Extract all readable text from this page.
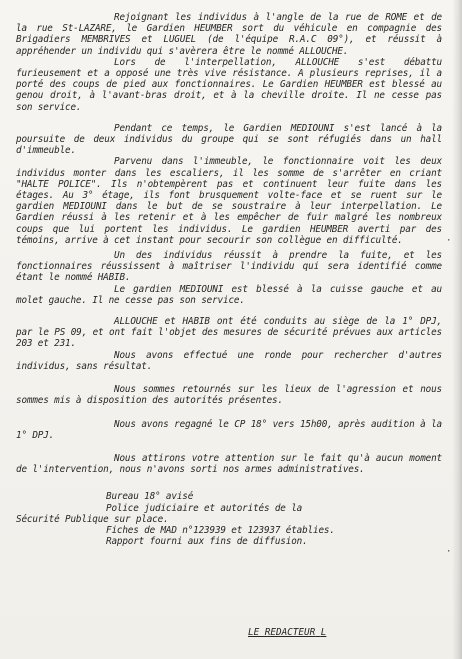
Rejoignant les individus à l'angle de la rue de ROME et de la rue St-LAZARE, le Gardien HEUMBER sort du véhicule en compagnie des Brigadiers MEMBRIVES et LUGUEL (de l'équipe R.A.C 09°), et réussit à appréhender un individu qui s'avèrera être le nommé ALLOUCHE.

Lors de l'interpellation, ALLOUCHE s'est débattu furieusement et a opposé une très vive résistance. A plusieurs reprises, il a porté des coups de pied aux fonctionnaires. Le Gardien HEUMBER est blessé au genou droit, à l'avant-bras droit, et à la cheville droite. Il ne cesse pas son service.

Pendant ce temps, le Gardien MEDIOUNI s'est lancé à la poursuite de deux individus du groupe qui se sont réfugiés dans un hall d'immeuble.

Parvenu dans l'immeuble, le fonctionnaire voit les deux individus monter dans les escaliers, il les somme de s'arrêter en criant "HALTE POLICE". Ils n'obtempèrent pas et continuent leur fuite dans les étages. Au 3° étage, ils font brusquement volte-face et se ruent sur le gardien MEDIOUNI dans le but de se soustraire à leur interpellation. Le Gardien réussi à les retenir et à les empêcher de fuir malgré les nombreux coups que lui portent les individus. Le gardien HEUMBER averti par des témoins, arrive à cet instant pour secourir son collègue en difficulté.

Un des individus réussit à prendre la fuite, et les fonctionnaires réussissent à maîtriser l'individu qui sera identifié comme étant le nommé HABIB.

Le gardien MEDIOUNI est blessé à la cuisse gauche et au molet gauche. Il ne cesse pas son service.

ALLOUCHE et HABIB ont été conduits au siège de la 1° DPJ, par le PS 09, et ont fait l'objet des mesures de sécurité prévues aux articles 203 et 231.

Nous avons effectué une ronde pour rechercher d'autres individus, sans résultat.

Nous sommes retournés sur les lieux de l'agression et nous sommes mis à disposition des autorités présentes.

Nous avons regagné le CP 18° vers 15h00, après audition à la 1° DPJ.

Nous attirons votre attention sur le fait qu'à aucun moment de l'intervention, nous n'avons sorti nos armes administratives.

Bureau 18° avisé
Police judiciaire et autorités de la
Sécurité Publique sur place.
Fiches de MAD n°123939 et 123937 établies.
Rapport fourni aux fins de diffusion.
LE REDACTEUR L
·
·
